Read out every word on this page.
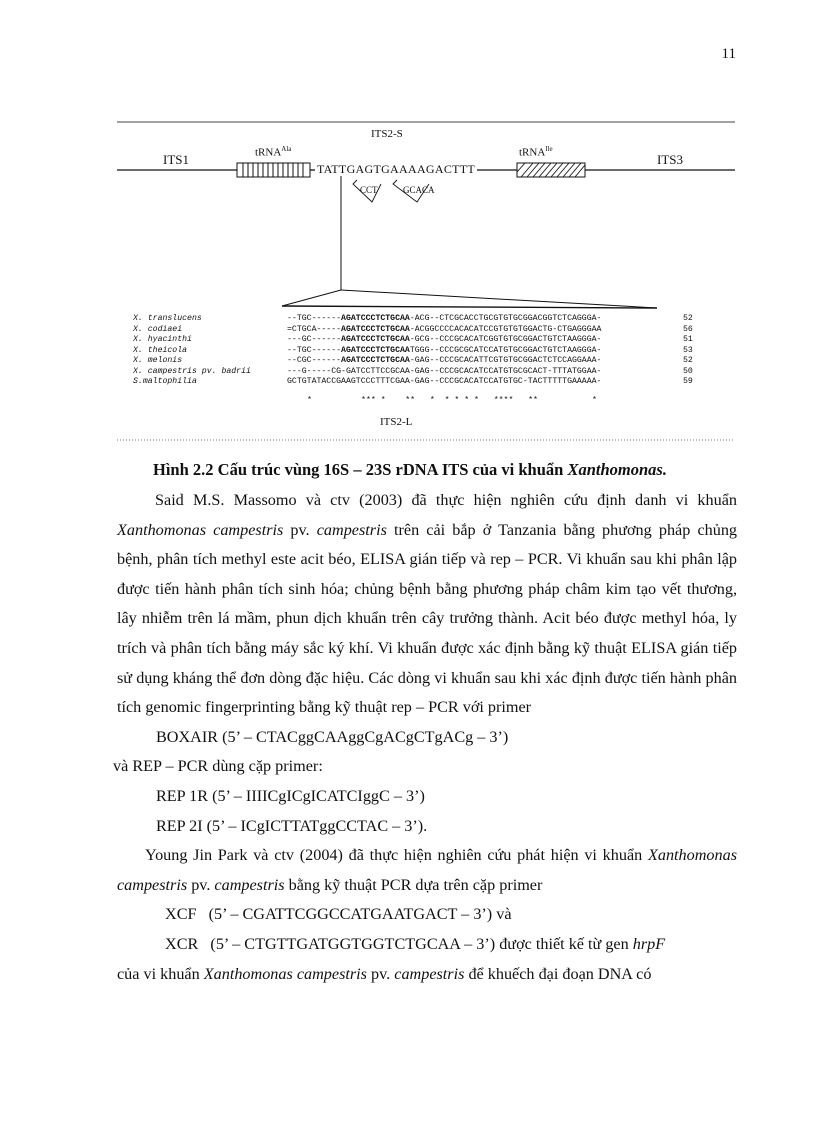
11
ITS1	tRNA$^{Ala}$
ITS2-S
TATTGAGTGAAAAGACTTT
CCT	GCACA
tRNA$^{Ile}$
ITS3
X. translucens	--TGC------AGATCCCTCTGCAA-ACG--CTCGCACCTGCGTGTGCGGACGGTCTCAGGGA-	52
X. codiaei	=CTGCA-----AGATCCCTCTGCAA-ACGGCCCCACACATCCGTGTGTGGACTG-CTGAGGGAA	56
X. hyacinthi	---GC------AGATCCCTCTGCAA-GCG--CCCGCACATCGGTGTGCGGACTGTCTAAGGGA-	51
X. theicola	--TGC------AGATCCCTCTGCAATGGG--CCCGCGCATCCATGTGCGGACTGTCTAAGGGA-	53
X. melonis	--CGC------AGATCCCTCTGCAA-GAG--CCCGCACATTCGTGTGCGGACTCTCCAGGAAA-	52
X. campestris pv. badrii	---G-----CG-GATCCTTCCGCAA-GAG--CCCGCACATCCATGTGCGCACT-TTTATGGAA-	50
S.maltophilia	GCTGTATACCGAAGTCCCTTTCGAA-GAG--CCCGCACATCCATGTGC-TACTTTTTGAAAAA-	59

*          *** *    **   *  * * * *   ****   **           *

ITS2-L
Hình 2.2 Cấu trúc vùng 16S – 23S rDNA ITS của vi khuẩn Xanthomonas.

Said M.S. Massomo và ctv (2003) đã thực hiện nghiên cứu định danh vi khuẩn Xanthomonas campestris pv. campestris trên cải bắp ở Tanzania bằng phương pháp chủng bệnh, phân tích methyl este acit béo, ELISA gián tiếp và rep – PCR. Vi khuẩn sau khi phân lập được tiến hành phân tích sinh hóa; chủng bệnh bằng phương pháp châm kim tạo vết thương, lây nhiễm trên lá mầm, phun dịch khuẩn trên cây trưởng thành. Acit béo được methyl hóa, ly trích và phân tích bằng máy sắc ký khí. Vi khuẩn được xác định bằng kỹ thuật ELISA gián tiếp sử dụng kháng thể đơn dòng đặc hiệu. Các dòng vi khuẩn sau khi xác định được tiến hành phân tích genomic fingerprinting bằng kỹ thuật rep – PCR với primer

BOXAIR (5’ – CTACggCAAggCgACgCTgACg – 3’)

và REP – PCR dùng cặp primer:

REP 1R (5’ – IIIICgICgICATCIggC – 3’)

REP 2I (5’ – ICgICTTATggCCTAC – 3’).

Young Jin Park và ctv (2004) đã thực hiện nghiên cứu phát hiện vi khuẩn Xanthomonas campestris pv. campestris bằng kỹ thuật PCR dựa trên cặp primer

XCF   (5’ – CGATTCGGCCATGAATGACT – 3’) và

XCR   (5’ – CTGTTGATGGTGGTCTGCAA – 3’) được thiết kế từ gen hrpF

của vi khuẩn Xanthomonas campestris pv. campestris để khuếch đại đoạn DNA có
